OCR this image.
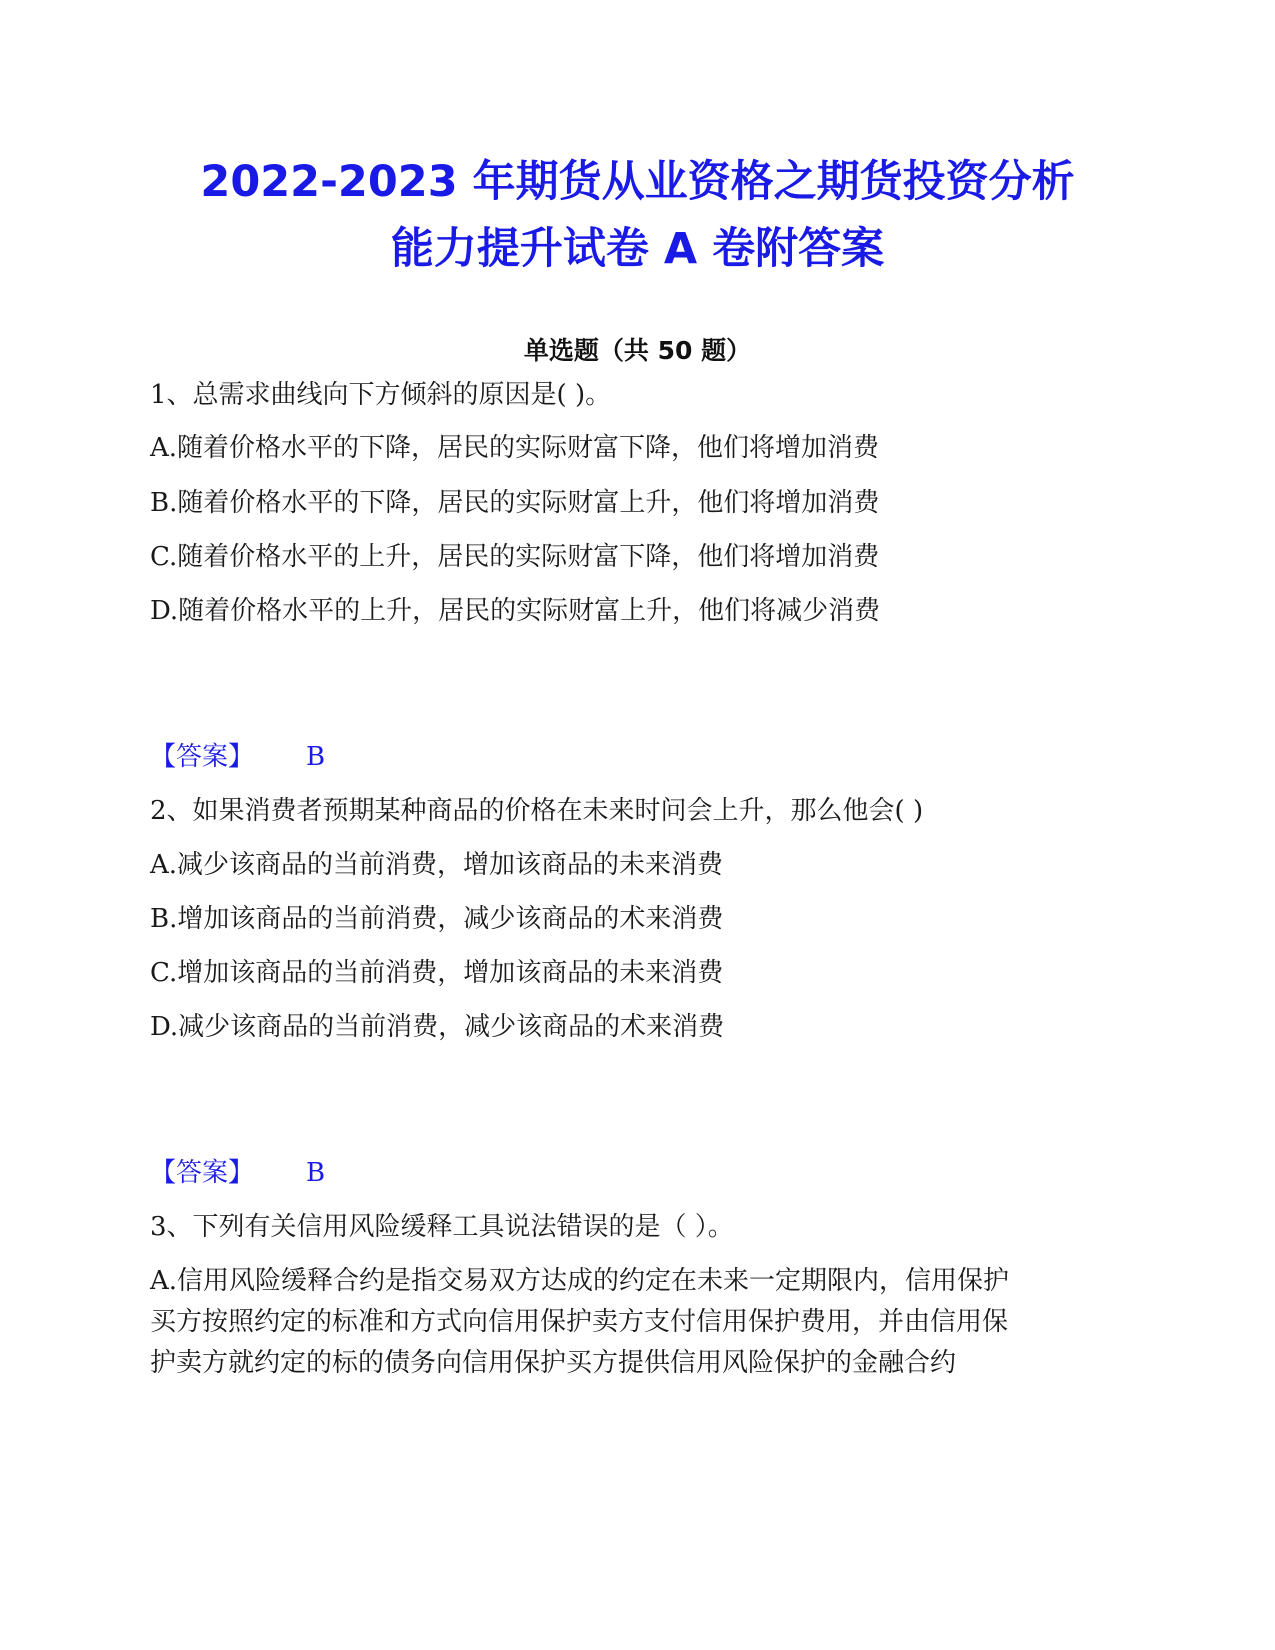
2022-2023 年期货从业资格之期货投资分析
能力提升试卷 A 卷附答案
单选题（共 50 题）

1、总需求曲线向下方倾斜的原因是( )。

A.随着价格水平的下降，居民的实际财富下降，他们将增加消费

B.随着价格水平的下降，居民的实际财富上升，他们将增加消费

C.随着价格水平的上升，居民的实际财富下降，他们将增加消费

D.随着价格水平的上升，居民的实际财富上升，他们将减少消费

【答案】 B

2、如果消费者预期某种商品的价格在未来时问会上升，那么他会( )

A.减少该商品的当前消费，增加该商品的未来消费

B.增加该商品的当前消费，减少该商品的术来消费

C.增加该商品的当前消费，增加该商品的未来消费

D.减少该商品的当前消费，减少该商品的术来消费

【答案】 B

3、下列有关信用风险缓释工具说法错误的是（ ）。

A.信用风险缓释合约是指交易双方达成的约定在未来一定期限内，信用保护

买方按照约定的标准和方式向信用保护卖方支付信用保护费用，并由信用保

护卖方就约定的标的债务向信用保护买方提供信用风险保护的金融合约
